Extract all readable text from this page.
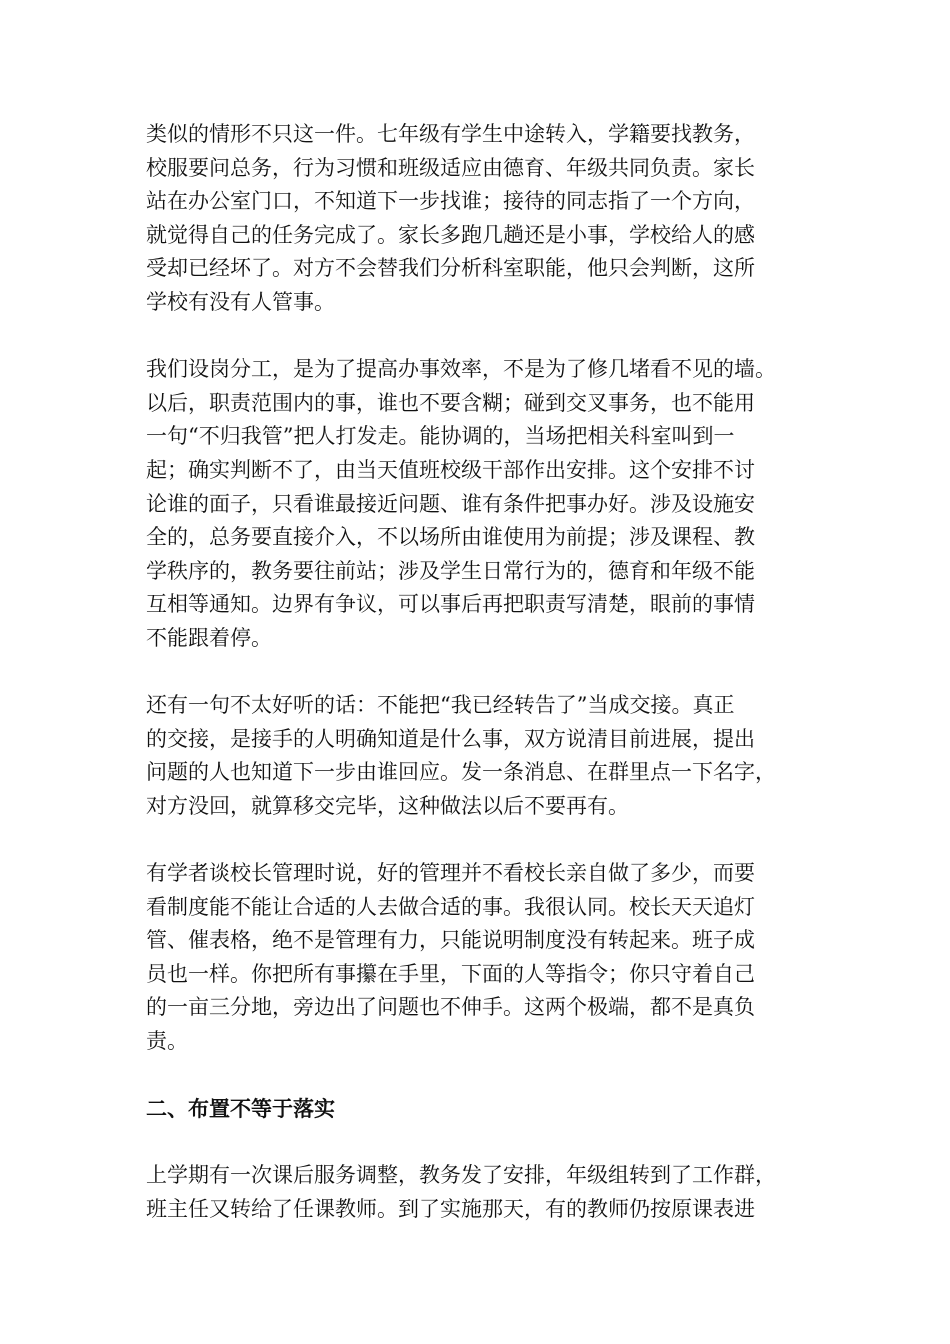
类似的情形不只这一件。七年级有学生中途转入，学籍要找教务，
校服要问总务，行为习惯和班级适应由德育、年级共同负责。家长
站在办公室门口，不知道下一步找谁；接待的同志指了一个方向，
就觉得自己的任务完成了。家长多跑几趟还是小事，学校给人的感
受却已经坏了。对方不会替我们分析科室职能，他只会判断，这所
学校有没有人管事。

我们设岗分工，是为了提高办事效率，不是为了修几堵看不见的墙。
以后，职责范围内的事，谁也不要含糊；碰到交叉事务，也不能用
一句“不归我管”把人打发走。能协调的，当场把相关科室叫到一
起；确实判断不了，由当天值班校级干部作出安排。这个安排不讨
论谁的面子，只看谁最接近问题、谁有条件把事办好。涉及设施安
全的，总务要直接介入，不以场所由谁使用为前提；涉及课程、教
学秩序的，教务要往前站；涉及学生日常行为的，德育和年级不能
互相等通知。边界有争议，可以事后再把职责写清楚，眼前的事情
不能跟着停。

还有一句不太好听的话：不能把“我已经转告了”当成交接。真正
的交接，是接手的人明确知道是什么事，双方说清目前进展，提出
问题的人也知道下一步由谁回应。发一条消息、在群里点一下名字，
对方没回，就算移交完毕，这种做法以后不要再有。

有学者谈校长管理时说，好的管理并不看校长亲自做了多少，而要
看制度能不能让合适的人去做合适的事。我很认同。校长天天追灯
管、催表格，绝不是管理有力，只能说明制度没有转起来。班子成
员也一样。你把所有事攥在手里，下面的人等指令；你只守着自己
的一亩三分地，旁边出了问题也不伸手。这两个极端，都不是真负
责。

二、布置不等于落实

上学期有一次课后服务调整，教务发了安排，年级组转到了工作群，
班主任又转给了任课教师。到了实施那天，有的教师仍按原课表进
